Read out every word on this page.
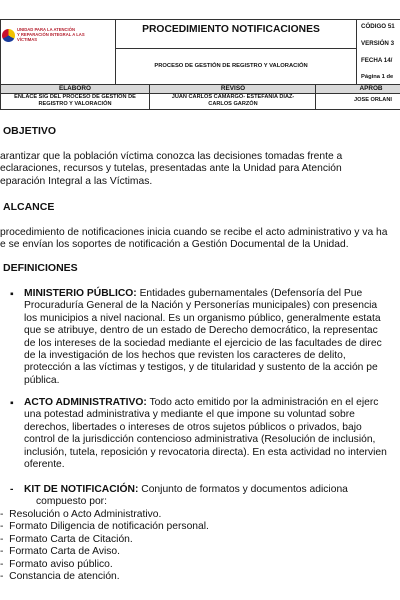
UNIDAD PARA LA ATENCIÓN
Y REPARACIÓN INTEGRAL A LAS VÍCTIMAS
PROCEDIMIENTO NOTIFICACIONES
PROCESO DE GESTIÓN DE REGISTRO Y VALORACIÓN
CÓDIGO 51
VERSIÓN 3
FECHA 14/
Página 1 de
ELABORO	REVISO	APROB
ENLACE SIG DEL PROCESO DE GESTIÓN DE REGISTRO Y VALORACIÓN
JUAN CARLOS CAMARGO- ESTEFANIA DIAZ-
CARLOS GARZÓN
JOSE ORLANI
OBJETIVO
arantizar que la población víctima conozca las decisiones tomadas frente a
eclaraciones, recursos y tutelas, presentadas ante la Unidad para Atención
eparación Integral a las Víctimas.
ALCANCE
procedimiento de notificaciones inicia cuando se recibe el acto administrativo y va ha
e se envían los soportes de notificación a Gestión Documental de la Unidad.
DEFINICIONES
▪ MINISTERIO PÚBLICO: Entidades gubernamentales (Defensoría del Pue
Procuraduría General de la Nación y Personerías municipales) con presencia
los municipios a nivel nacional. Es un organismo público, generalmente estata
que se atribuye, dentro de un estado de Derecho democrático, la representac
de los intereses de la sociedad mediante el ejercicio de las facultades de direc
de la investigación de los hechos que revisten los caracteres de delito,
protección a las víctimas y testigos, y de titularidad y sustento de la acción pe
pública.
▪ ACTO ADMINISTRATIVO: Todo acto emitido por la administración en el ejerc
una potestad administrativa y mediante el que impone su voluntad sobre
derechos, libertades o intereses de otros sujetos públicos o privados, bajo
control de la jurisdicción contencioso administrativa (Resolución de inclusión,
inclusión, tutela, reposición y revocatoria directa). En esta actividad no intervien
oferente.
- KIT DE NOTIFICACIÓN: Conjunto de formatos y documentos adiciona
compuesto por:
-  Resolución o Acto Administrativo.
-  Formato Diligencia de notificación personal.
-  Formato Carta de Citación.
-  Formato Carta de Aviso.
-  Formato aviso público.
-  Constancia de atención.
